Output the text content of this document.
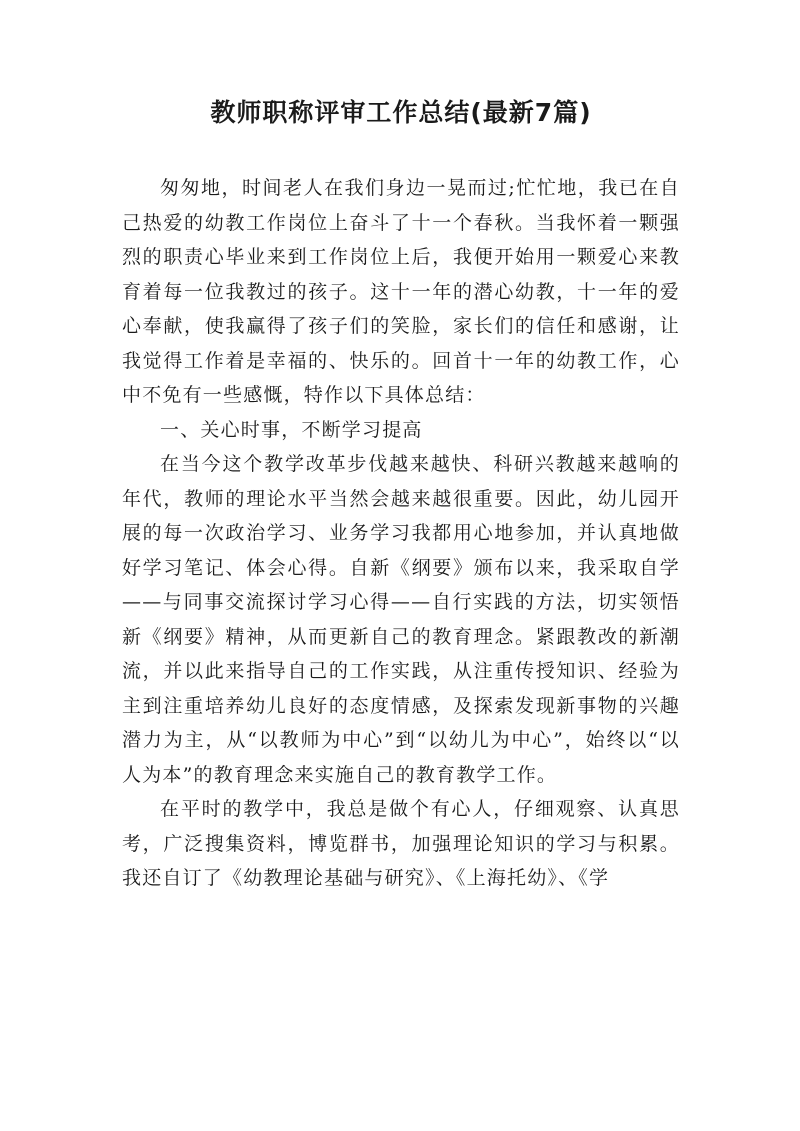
教师职称评审工作总结(最新7篇)

匆匆地，时间老人在我们身边一晃而过;忙忙地，我已在自己热爱的幼教工作岗位上奋斗了十一个春秋。当我怀着一颗强烈的职责心毕业来到工作岗位上后，我便开始用一颗爱心来教育着每一位我教过的孩子。这十一年的潜心幼教，十一年的爱心奉献，使我赢得了孩子们的笑脸，家长们的信任和感谢，让我觉得工作着是幸福的、快乐的。回首十一年的幼教工作，心中不免有一些感慨，特作以下具体总结：

一、关心时事，不断学习提高

在当今这个教学改革步伐越来越快、科研兴教越来越响的年代，教师的理论水平当然会越来越很重要。因此，幼儿园开展的每一次政治学习、业务学习我都用心地参加，并认真地做好学习笔记、体会心得。自新《纲要》颁布以来，我采取自学——与同事交流探讨学习心得——自行实践的方法，切实领悟新《纲要》精神，从而更新自己的教育理念。紧跟教改的新潮流，并以此来指导自己的工作实践，从注重传授知识、经验为主到注重培养幼儿良好的态度情感，及探索发现新事物的兴趣潜力为主，从“以教师为中心”到“以幼儿为中心”，始终以“以人为本”的教育理念来实施自己的教育教学工作。

在平时的教学中，我总是做个有心人，仔细观察、认真思考，广泛搜集资料，博览群书，加强理论知识的学习与积累。我还自订了《幼教理论基础与研究》、《上海托幼》、《学
